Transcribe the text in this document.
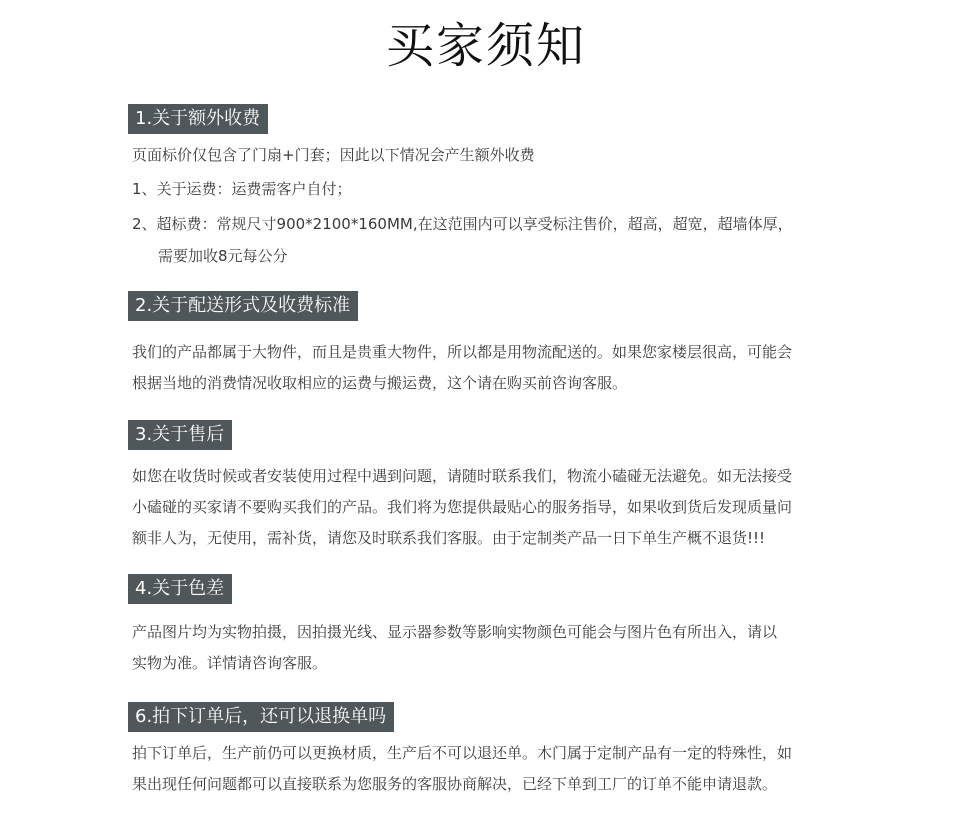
买家须知
1.关于额外收费
页面标价仅包含了门扇+门套；因此以下情况会产生额外收费
1、关于运费：运费需客户自付；
2、超标费：常规尺寸900*2100*160MM,在这范围内可以享受标注售价，超高，超宽，超墙体厚，
需要加收8元每公分
2.关于配送形式及收费标准
我们的产品都属于大物件，而且是贵重大物件，所以都是用物流配送的。如果您家楼层很高，可能会
根据当地的消费情况收取相应的运费与搬运费，这个请在购买前咨询客服。
3.关于售后
如您在收货时候或者安装使用过程中遇到问题，请随时联系我们，物流小磕碰无法避免。如无法接受
小磕碰的买家请不要购买我们的产品。我们将为您提供最贴心的服务指导，如果收到货后发现质量问
额非人为，无使用，需补货，请您及时联系我们客服。由于定制类产品一日下单生产概不退货!!!
4.关于色差
产品图片均为实物拍摄，因拍摄光线、显示器参数等影响实物颜色可能会与图片色有所出入，请以
实物为准。详情请咨询客服。
6.拍下订单后，还可以退换单吗
拍下订单后，生产前仍可以更换材质，生产后不可以退还单。木门属于定制产品有一定的特殊性，如
果出现任何问题都可以直接联系为您服务的客服协商解决，已经下单到工厂的订单不能申请退款。
